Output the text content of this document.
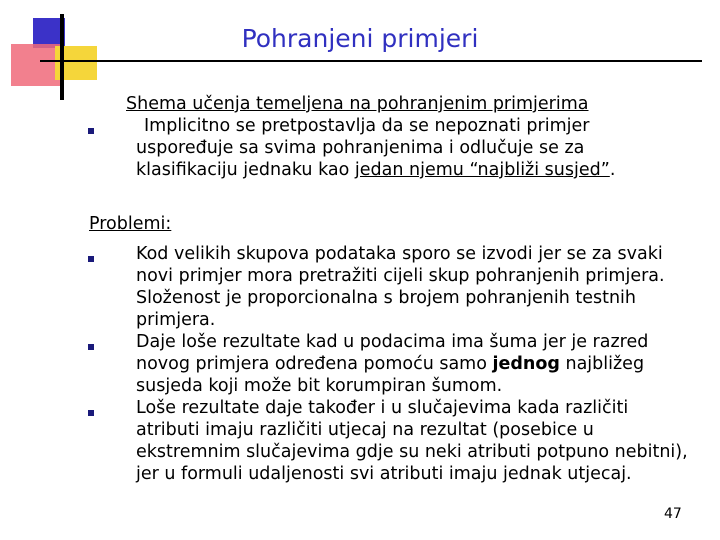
Pohranjeni primjeri
Shema učenja temeljena na pohranjenim primjerima
Implicitno se pretpostavlja da se nepoznati primjer
uspoređuje sa svima pohranjenima i odlučuje se za
klasifikaciju jednaku kao jedan njemu “najbliži susjed”.
Problemi:
Kod velikih skupova podataka sporo se izvodi jer se za svaki
novi primjer mora pretražiti cijeli skup pohranjenih primjera.
Složenost je proporcionalna s brojem pohranjenih testnih
primjera.
Daje loše rezultate kad u podacima ima šuma jer je razred
novog primjera određena pomoću samo jednog najbližeg
susjeda koji može bit korumpiran šumom.
Loše rezultate daje također i u slučajevima kada različiti
atributi imaju različiti utjecaj na rezultat (posebice u
ekstremnim slučajevima gdje su neki atributi potpuno nebitni),
jer u formuli udaljenosti svi atributi imaju jednak utjecaj.
47
